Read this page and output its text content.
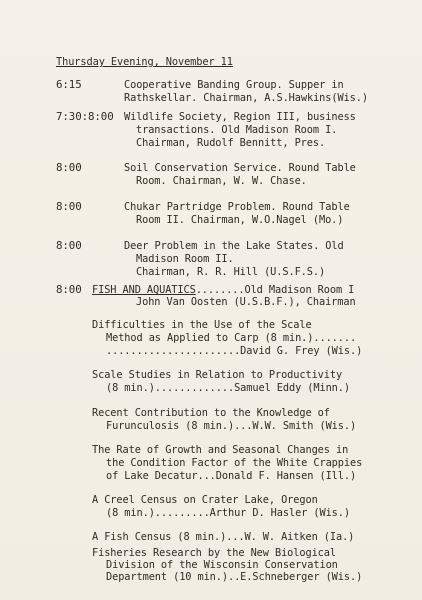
Thursday Evening, November 11
6:15	Cooperative Banding Group. Supper in
Rathskellar. Chairman, A.S.Hawkins(Wis.)
7:30:8:00 Wildlife Society, Region III, business
transactions. Old Madison Room I.
Chairman, Rudolf Bennitt, Pres.
8:00	Soil Conservation Service. Round Table
Room. Chairman, W. W. Chase.
8:00	Chukar Partridge Problem. Round Table
Room II. Chairman, W.O.Nagel (Mo.)
8:00	Deer Problem in the Lake States. Old
Madison Room II.
Chairman, R. R. Hill (U.S.F.S.)
8:00 FISH AND AQUATICS........Old Madison Room I
John Van Oosten (U.S.B.F.), Chairman
Difficulties in the Use of the Scale
Method as Applied to Carp (8 min.).......
......................David G. Frey (Wis.)
Scale Studies in Relation to Productivity
(8 min.).............Samuel Eddy (Minn.)
Recent Contribution to the Knowledge of
Furunculosis (8 min.)...W.W. Smith (Wis.)
The Rate of Growth and Seasonal Changes in
the Condition Factor of the White Crappies
of Lake Decatur...Donald F. Hansen (Ill.)
A Creel Census on Crater Lake, Oregon
(8 min.).........Arthur D. Hasler (Wis.)
A Fish Census (8 min.)...W. W. Aitken (Ia.)
Fisheries Research by the New Biological
Division of the Wisconsin Conservation
Department (10 min.)..E.Schneberger (Wis.)
